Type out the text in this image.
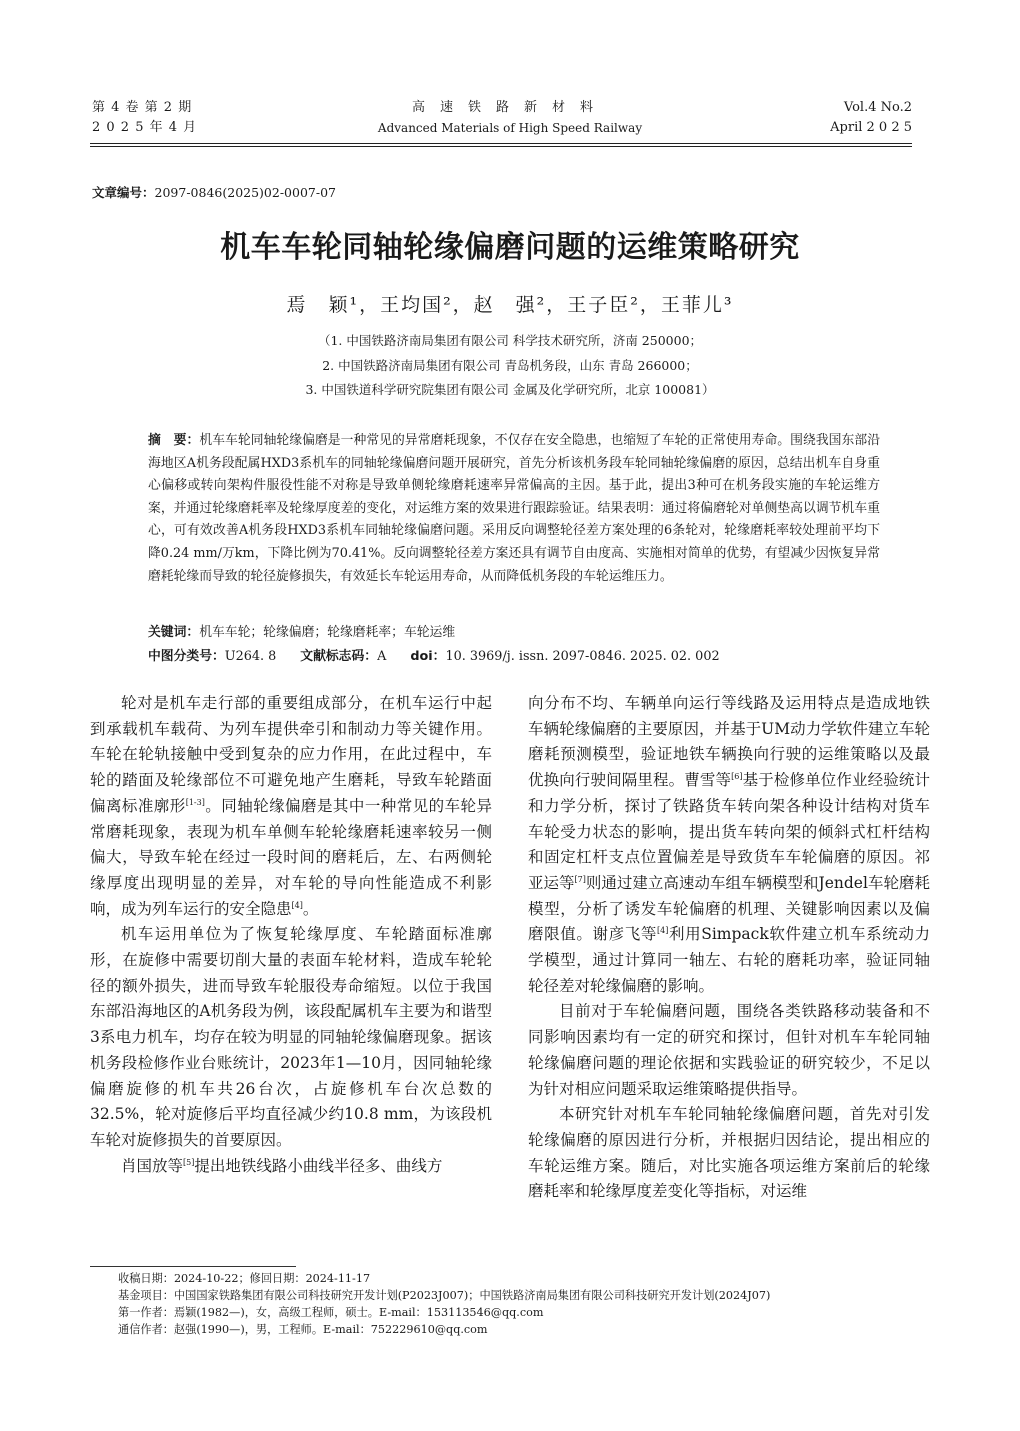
第 4 卷 第 2 期
2 0 2 5 年 4 月
高速铁路新材料
Advanced Materials of High Speed Railway
Vol.4 No.2
April 2 0 2 5
文章编号：2097-0846(2025)02-0007-07
机车车轮同轴轮缘偏磨问题的运维策略研究
焉　颖¹，王均国²，赵　强²，王子臣²，王菲儿³
（1. 中国铁路济南局集团有限公司 科学技术研究所，济南 250000；
2. 中国铁路济南局集团有限公司 青岛机务段，山东 青岛 266000；
3. 中国铁道科学研究院集团有限公司 金属及化学研究所，北京 100081）
摘　要：机车车轮同轴轮缘偏磨是一种常见的异常磨耗现象，不仅存在安全隐患，也缩短了车轮的正常使用寿命。围绕我国东部沿海地区A机务段配属HXD3系机车的同轴轮缘偏磨问题开展研究，首先分析该机务段车轮同轴轮缘偏磨的原因，总结出机车自身重心偏移或转向架构件服役性能不对称是导致单侧轮缘磨耗速率异常偏高的主因。基于此，提出3种可在机务段实施的车轮运维方案，并通过轮缘磨耗率及轮缘厚度差的变化，对运维方案的效果进行跟踪验证。结果表明：通过将偏磨轮对单侧垫高以调节机车重心，可有效改善A机务段HXD3系机车同轴轮缘偏磨问题。采用反向调整轮径差方案处理的6条轮对，轮缘磨耗率较处理前平均下降0.24 mm/万km，下降比例为70.41%。反向调整轮径差方案还具有调节自由度高、实施相对简单的优势，有望减少因恢复异常磨耗轮缘而导致的轮径旋修损失，有效延长车轮运用寿命，从而降低机务段的车轮运维压力。
关键词：机车车轮；轮缘偏磨；轮缘磨耗率；车轮运维
中图分类号：U264. 8 文献标志码：A doi：10. 3969/j. issn. 2097-0846. 2025. 02. 002

轮对是机车走行部的重要组成部分，在机车运行中起到承载机车载荷、为列车提供牵引和制动力等关键作用。车轮在轮轨接触中受到复杂的应力作用，在此过程中，车轮的踏面及轮缘部位不可避免地产生磨耗，导致车轮踏面偏离标准廓形[1-3]。同轴轮缘偏磨是其中一种常见的车轮异常磨耗现象，表现为机车单侧车轮轮缘磨耗速率较另一侧偏大，导致车轮在经过一段时间的磨耗后，左、右两侧轮缘厚度出现明显的差异，对车轮的导向性能造成不利影响，成为列车运行的安全隐患[4]。

机车运用单位为了恢复轮缘厚度、车轮踏面标准廓形，在旋修中需要切削大量的表面车轮材料，造成车轮轮径的额外损失，进而导致车轮服役寿命缩短。以位于我国东部沿海地区的A机务段为例，该段配属机车主要为和谐型3系电力机车，均存在较为明显的同轴轮缘偏磨现象。据该机务段检修作业台账统计，2023年1—10月，因同轴轮缘偏磨旋修的机车共26台次，占旋修机车台次总数的32.5%，轮对旋修后平均直径减少约10.8 mm，为该段机车轮对旋修损失的首要原因。

肖国放等[5]提出地铁线路小曲线半径多、曲线方

向分布不均、车辆单向运行等线路及运用特点是造成地铁车辆轮缘偏磨的主要原因，并基于UM动力学软件建立车轮磨耗预测模型，验证地铁车辆换向行驶的运维策略以及最优换向行驶间隔里程。曹雪等[6]基于检修单位作业经验统计和力学分析，探讨了铁路货车转向架各种设计结构对货车车轮受力状态的影响，提出货车转向架的倾斜式杠杆结构和固定杠杆支点位置偏差是导致货车车轮偏磨的原因。祁亚运等[7]则通过建立高速动车组车辆模型和Jendel车轮磨耗模型，分析了诱发车轮偏磨的机理、关键影响因素以及偏磨限值。谢彦飞等[4]利用Simpack软件建立机车系统动力学模型，通过计算同一轴左、右轮的磨耗功率，验证同轴轮径差对轮缘偏磨的影响。

目前对于车轮偏磨问题，围绕各类铁路移动装备和不同影响因素均有一定的研究和探讨，但针对机车车轮同轴轮缘偏磨问题的理论依据和实践验证的研究较少，不足以为针对相应问题采取运维策略提供指导。

本研究针对机车车轮同轴轮缘偏磨问题，首先对引发轮缘偏磨的原因进行分析，并根据归因结论，提出相应的车轮运维方案。随后，对比实施各项运维方案前后的轮缘磨耗率和轮缘厚度差变化等指标，对运维

收稿日期：2024-10-22；修回日期：2024-11-17
基金项目：中国国家铁路集团有限公司科技研究开发计划(P2023J007)；中国铁路济南局集团有限公司科技研究开发计划(2024J07)
第一作者：焉颖(1982—)，女，高级工程师，硕士。E-mail：153113546@qq.com
通信作者：赵强(1990—)，男，工程师。E-mail：752229610@qq.com
